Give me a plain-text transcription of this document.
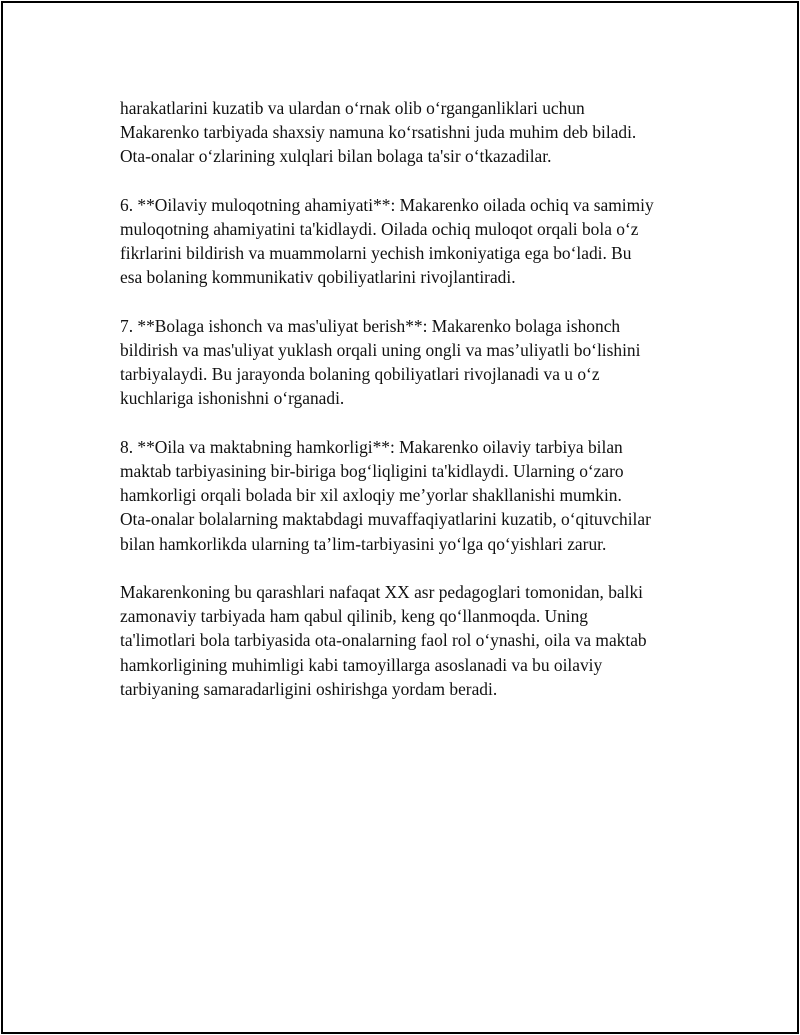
harakatlarini kuzatib va ulardan o‘rnak olib o‘rganganliklari uchun
Makarenko tarbiyada shaxsiy namuna ko‘rsatishni juda muhim deb biladi.
Ota-onalar o‘zlarining xulqlari bilan bolaga ta'sir o‘tkazadilar.

6. **Oilaviy muloqotning ahamiyati**: Makarenko oilada ochiq va samimiy
muloqotning ahamiyatini ta'kidlaydi. Oilada ochiq muloqot orqali bola o‘z
fikrlarini bildirish va muammolarni yechish imkoniyatiga ega bo‘ladi. Bu
esa bolaning kommunikativ qobiliyatlarini rivojlantiradi.

7. **Bolaga ishonch va mas'uliyat berish**: Makarenko bolaga ishonch
bildirish va mas'uliyat yuklash orqali uning ongli va mas’uliyatli bo‘lishini
tarbiyalaydi. Bu jarayonda bolaning qobiliyatlari rivojlanadi va u o‘z
kuchlariga ishonishni o‘rganadi.

8. **Oila va maktabning hamkorligi**: Makarenko oilaviy tarbiya bilan
maktab tarbiyasining bir-biriga bog‘liqligini ta'kidlaydi. Ularning o‘zaro
hamkorligi orqali bolada bir xil axloqiy me’yorlar shakllanishi mumkin.
Ota-onalar bolalarning maktabdagi muvaffaqiyatlarini kuzatib, o‘qituvchilar
bilan hamkorlikda ularning ta’lim-tarbiyasini yo‘lga qo‘yishlari zarur.

Makarenkoning bu qarashlari nafaqat XX asr pedagoglari tomonidan, balki
zamonaviy tarbiyada ham qabul qilinib, keng qo‘llanmoqda. Uning
ta'limotlari bola tarbiyasida ota-onalarning faol rol o‘ynashi, oila va maktab
hamkorligining muhimligi kabi tamoyillarga asoslanadi va bu oilaviy
tarbiyaning samaradarligini oshirishga yordam beradi.
